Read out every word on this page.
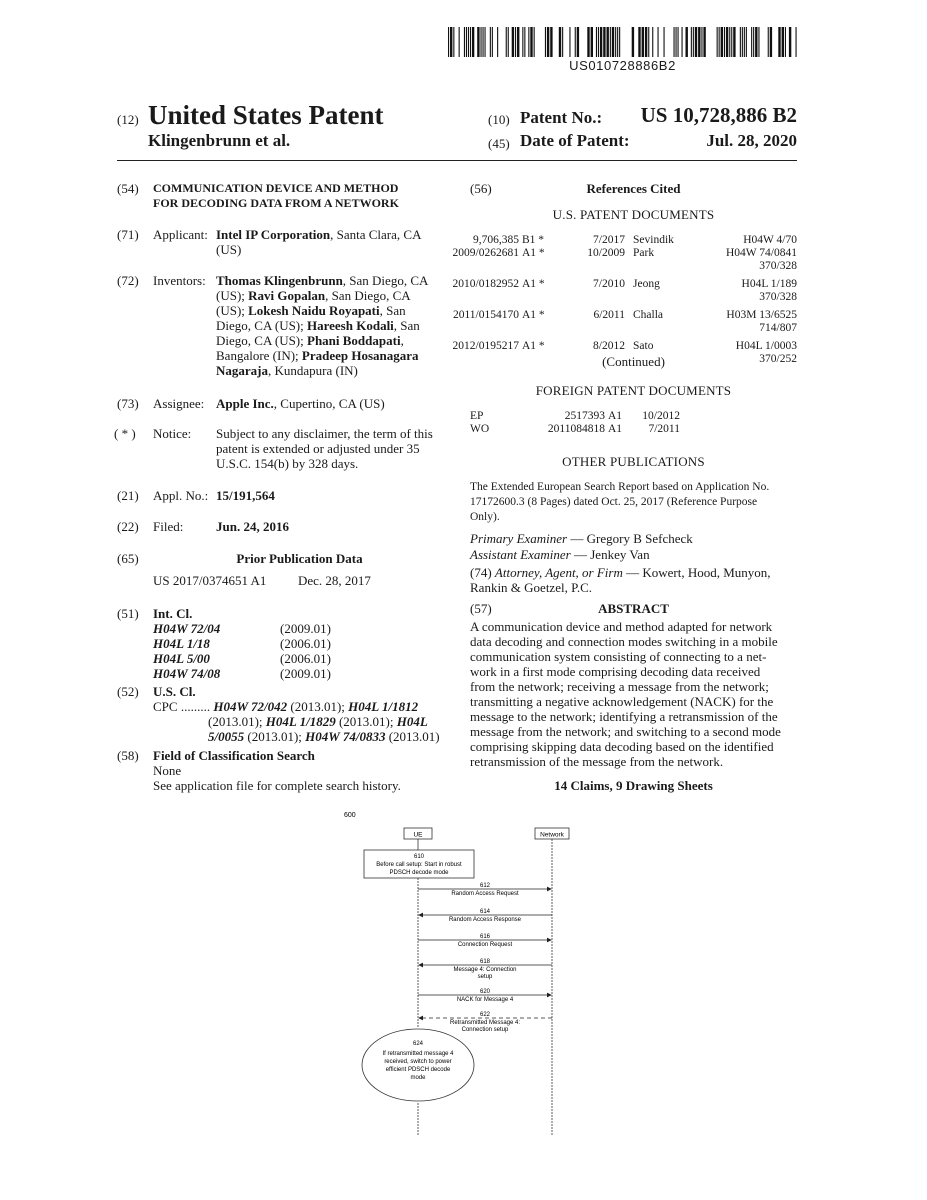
US010728886B2
(12) United States Patent
Klingenbrunn et al.
(10) Patent No.:	US 10,728,886 B2
(45) Date of Patent:	Jul. 28, 2020
(54) COMMUNICATION DEVICE AND METHOD
FOR DECODING DATA FROM A NETWORK
(71) Applicant: Intel IP Corporation, Santa Clara, CA
(US)
(72) Inventors: Thomas Klingenbrunn, San Diego, CA
(US); Ravi Gopalan, San Diego, CA
(US); Lokesh Naidu Royapati, San
Diego, CA (US); Hareesh Kodali, San
Diego, CA (US); Phani Boddapati,
Bangalore (IN); Pradeep Hosanagara
Nagaraja, Kundapura (IN)
(73) Assignee: Apple Inc., Cupertino, CA (US)
( * ) Notice: Subject to any disclaimer, the term of this
patent is extended or adjusted under 35
U.S.C. 154(b) by 328 days.
(21) Appl. No.: 15/191,564
(22) Filed:	Jun. 24, 2016
(65)	Prior Publication Data
US 2017/0374651 A1 Dec. 28, 2017
(51) Int. Cl.
H04W 72/04	(2009.01)
H04L 1/18	(2006.01)
H04L 5/00	(2006.01)
H04W 74/08	(2009.01)
(52) U.S. Cl.
CPC ......... H04W 72/042 (2013.01); H04L 1/1812
(2013.01); H04L 1/1829 (2013.01); H04L
5/0055 (2013.01); H04W 74/0833 (2013.01)
(58) Field of Classification Search
None
See application file for complete search history.
(56)	References Cited
U.S. PATENT DOCUMENTS
9,706,385 B1 *	7/2017 Sevindik	H04W 4/70
2009/0262681 A1 *	10/2009 Park	H04W 74/0841
370/328
2010/0182952 A1 *	7/2010 Jeong	H04L 1/189
370/328
2011/0154170 A1 *	6/2011 Challa	H03M 13/6525
714/807
2012/0195217 A1 *	8/2012 Sato	H04L 1/0003
370/252
(Continued)
FOREIGN PATENT DOCUMENTS
EP	2517393 A1	10/2012
WO	2011084818 A1	7/2011
OTHER PUBLICATIONS
The Extended European Search Report based on Application No.
17172600.3 (8 Pages) dated Oct. 25, 2017 (Reference Purpose
Only).
Primary Examiner — Gregory B Sefcheck
Assistant Examiner — Jenkey Van
(74) Attorney, Agent, or Firm — Kowert, Hood, Munyon,
Rankin & Goetzel, P.C.
(57)	ABSTRACT
A communication device and method adapted for network
data decoding and connection modes switching in a mobile
communication system consisting of connecting to a net-
work in a first mode comprising decoding data received
from the network; receiving a message from the network;
transmitting a negative acknowledgement (NACK) for the
message to the network; identifying a retransmission of the
message from the network; and switching to a second mode
comprising skipping data decoding based on the identified
retransmission of the message from the network.
14 Claims, 9 Drawing Sheets
600
UE	Network
610
Before call setup: Start in robust
PDSCH decode mode
612
Random Access Request
614
Random Access Response
616
Connection Request
618
Message 4: Connection
setup
620
NACK for Message 4
622
Retransmitted Message 4:
Connection setup
624
If retransmitted message 4
received, switch to power
efficient PDSCH decode
mode
